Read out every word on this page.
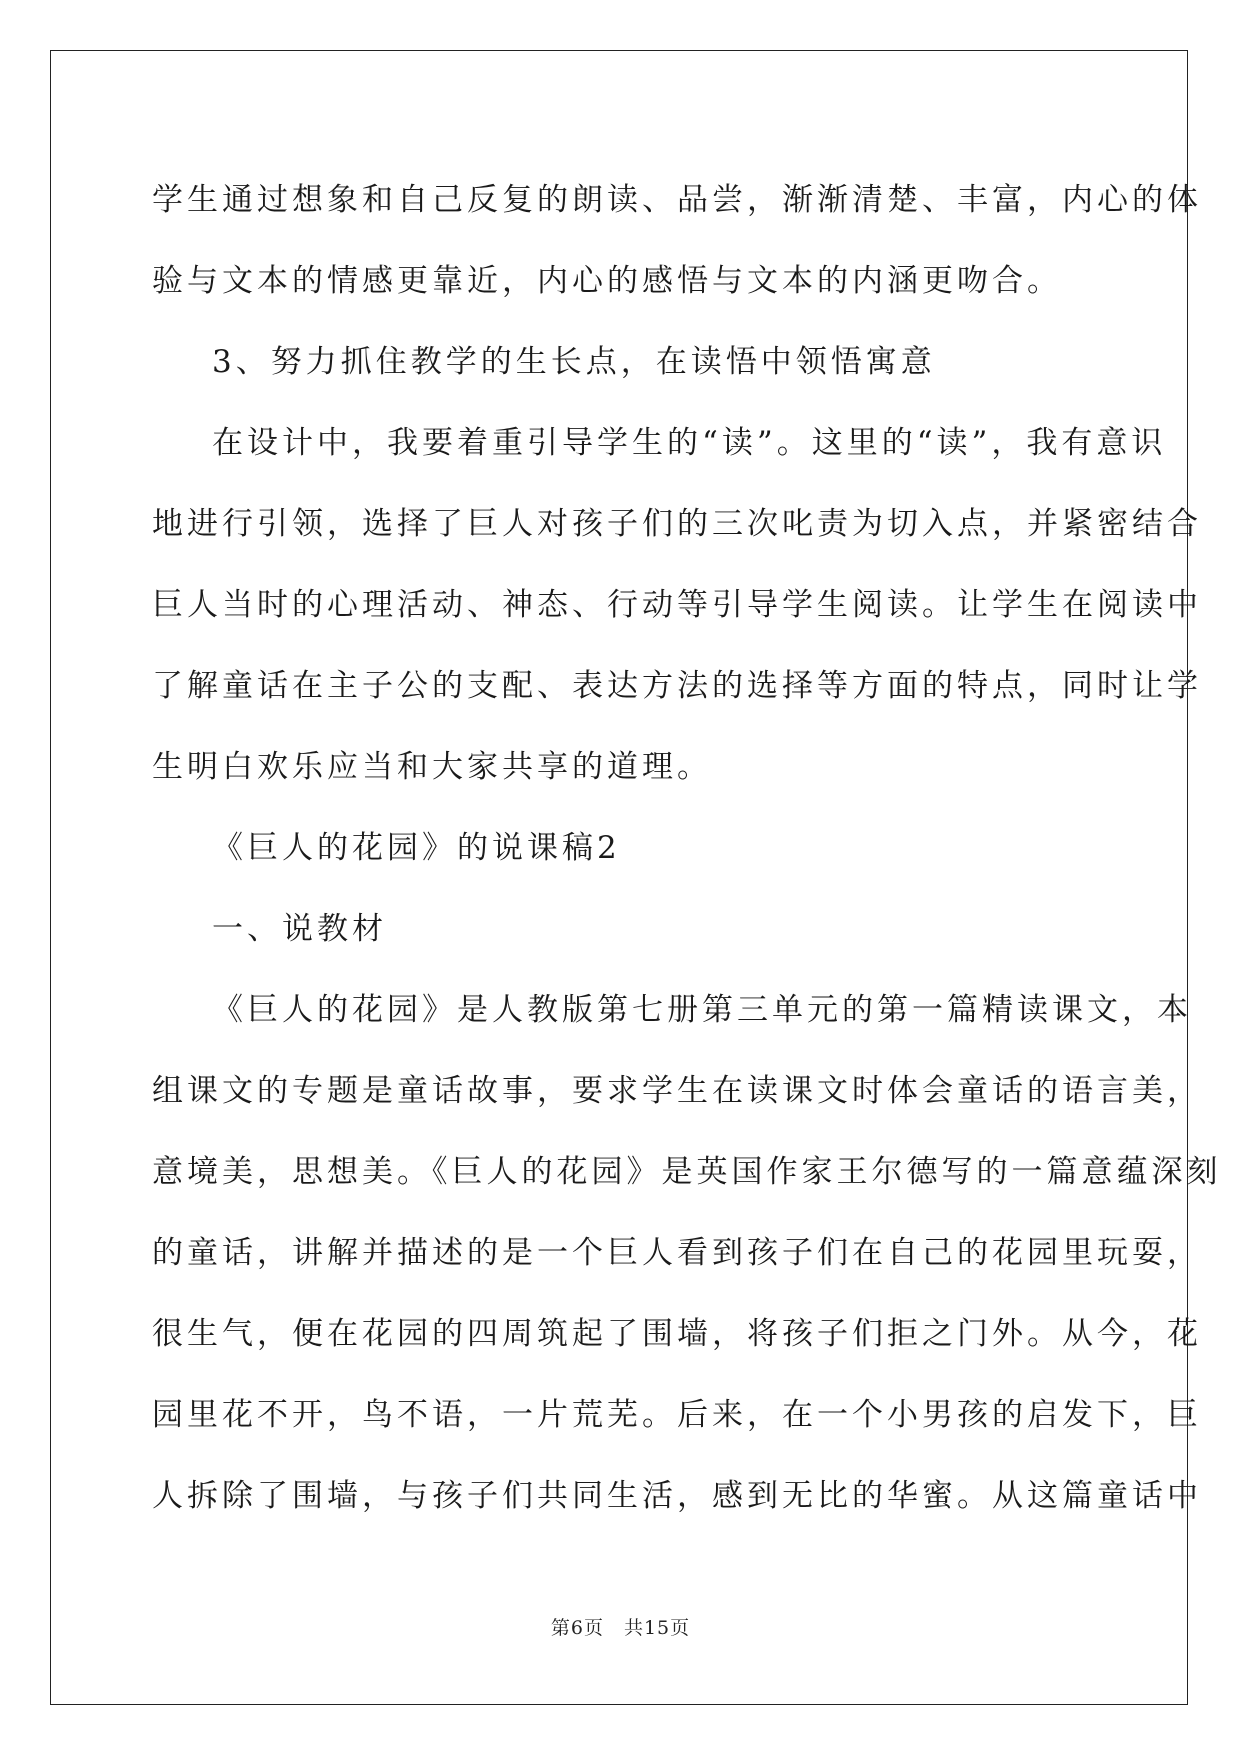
学生通过想象和自己反复的朗读、品尝，渐渐清楚、丰富，内心的体

验与文本的情感更靠近，内心的感悟与文本的内涵更吻合。

3、努力抓住教学的生长点，在读悟中领悟寓意

在设计中，我要着重引导学生的“读”。这里的“读”，我有意识

地进行引领，选择了巨人对孩子们的三次叱责为切入点，并紧密结合

巨人当时的心理活动、神态、行动等引导学生阅读。让学生在阅读中

了解童话在主子公的支配、表达方法的选择等方面的特点，同时让学

生明白欢乐应当和大家共享的道理。

《巨人的花园》的说课稿2

一、说教材

《巨人的花园》是人教版第七册第三单元的第一篇精读课文，本

组课文的专题是童话故事，要求学生在读课文时体会童话的语言美，

意境美，思想美。《巨人的花园》是英国作家王尔德写的一篇意蕴深刻

的童话，讲解并描述的是一个巨人看到孩子们在自己的花园里玩耍，

很生气，便在花园的四周筑起了围墙，将孩子们拒之门外。从今，花

园里花不开，鸟不语，一片荒芜。后来，在一个小男孩的启发下，巨

人拆除了围墙，与孩子们共同生活，感到无比的华蜜。从这篇童话中

第6页 共15页
